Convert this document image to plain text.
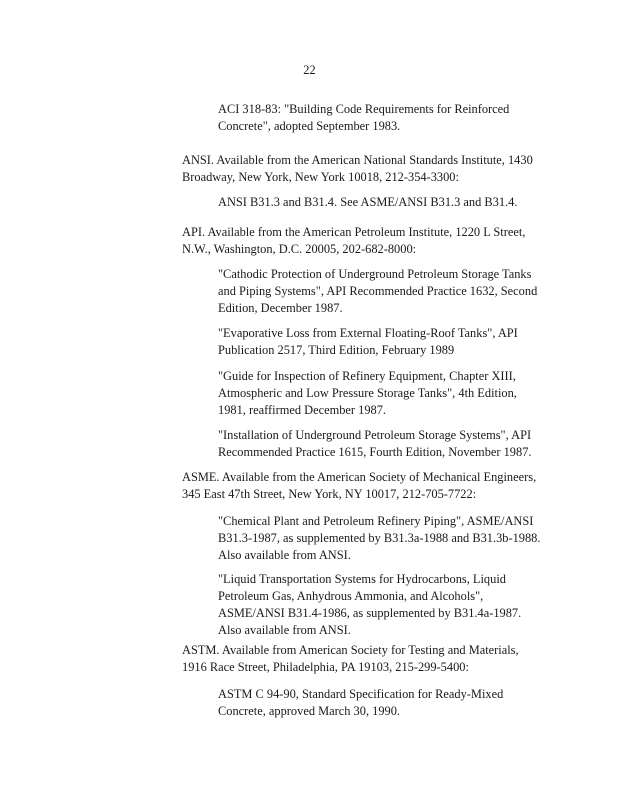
22

ACI 318-83: "Building Code Requirements for Reinforced
Concrete", adopted September 1983.

ANSI. Available from the American National Standards Institute, 1430
Broadway, New York, New York 10018, 212-354-3300:

ANSI B31.3 and B31.4. See ASME/ANSI B31.3 and B31.4.

API. Available from the American Petroleum Institute, 1220 L Street,
N.W., Washington, D.C. 20005, 202-682-8000:

"Cathodic Protection of Underground Petroleum Storage Tanks
and Piping Systems", API Recommended Practice 1632, Second
Edition, December 1987.

"Evaporative Loss from External Floating-Roof Tanks", API
Publication 2517, Third Edition, February 1989

"Guide for Inspection of Refinery Equipment, Chapter XIII,
Atmospheric and Low Pressure Storage Tanks", 4th Edition,
1981, reaffirmed December 1987.

"Installation of Underground Petroleum Storage Systems", API
Recommended Practice 1615, Fourth Edition, November 1987.

ASME. Available from the American Society of Mechanical Engineers,
345 East 47th Street, New York, NY 10017, 212-705-7722:

"Chemical Plant and Petroleum Refinery Piping", ASME/ANSI
B31.3-1987, as supplemented by B31.3a-1988 and B31.3b-1988.
Also available from ANSI.

"Liquid Transportation Systems for Hydrocarbons, Liquid
Petroleum Gas, Anhydrous Ammonia, and Alcohols",
ASME/ANSI B31.4-1986, as supplemented by B31.4a-1987.
Also available from ANSI.

ASTM. Available from American Society for Testing and Materials,
1916 Race Street, Philadelphia, PA 19103, 215-299-5400:

ASTM C 94-90, Standard Specification for Ready-Mixed
Concrete, approved March 30, 1990.
